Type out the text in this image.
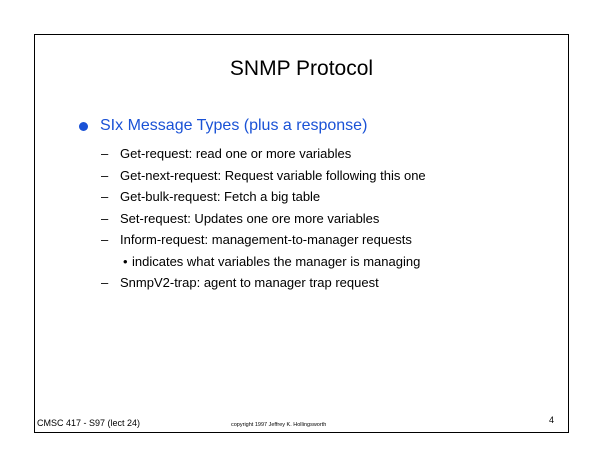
SNMP Protocol
SIx Message Types (plus a response)
– Get-request: read one or more variables
– Get-next-request: Request variable following this one
– Get-bulk-request: Fetch a big table
– Set-request: Updates one ore more variables
– Inform-request: management-to-manager requests
• indicates what variables the manager is managing
– SnmpV2-trap: agent to manager trap request
CMSC 417 - S97 (lect 24)	copyright 1997 Jeffrey K. Hollingsworth	4
